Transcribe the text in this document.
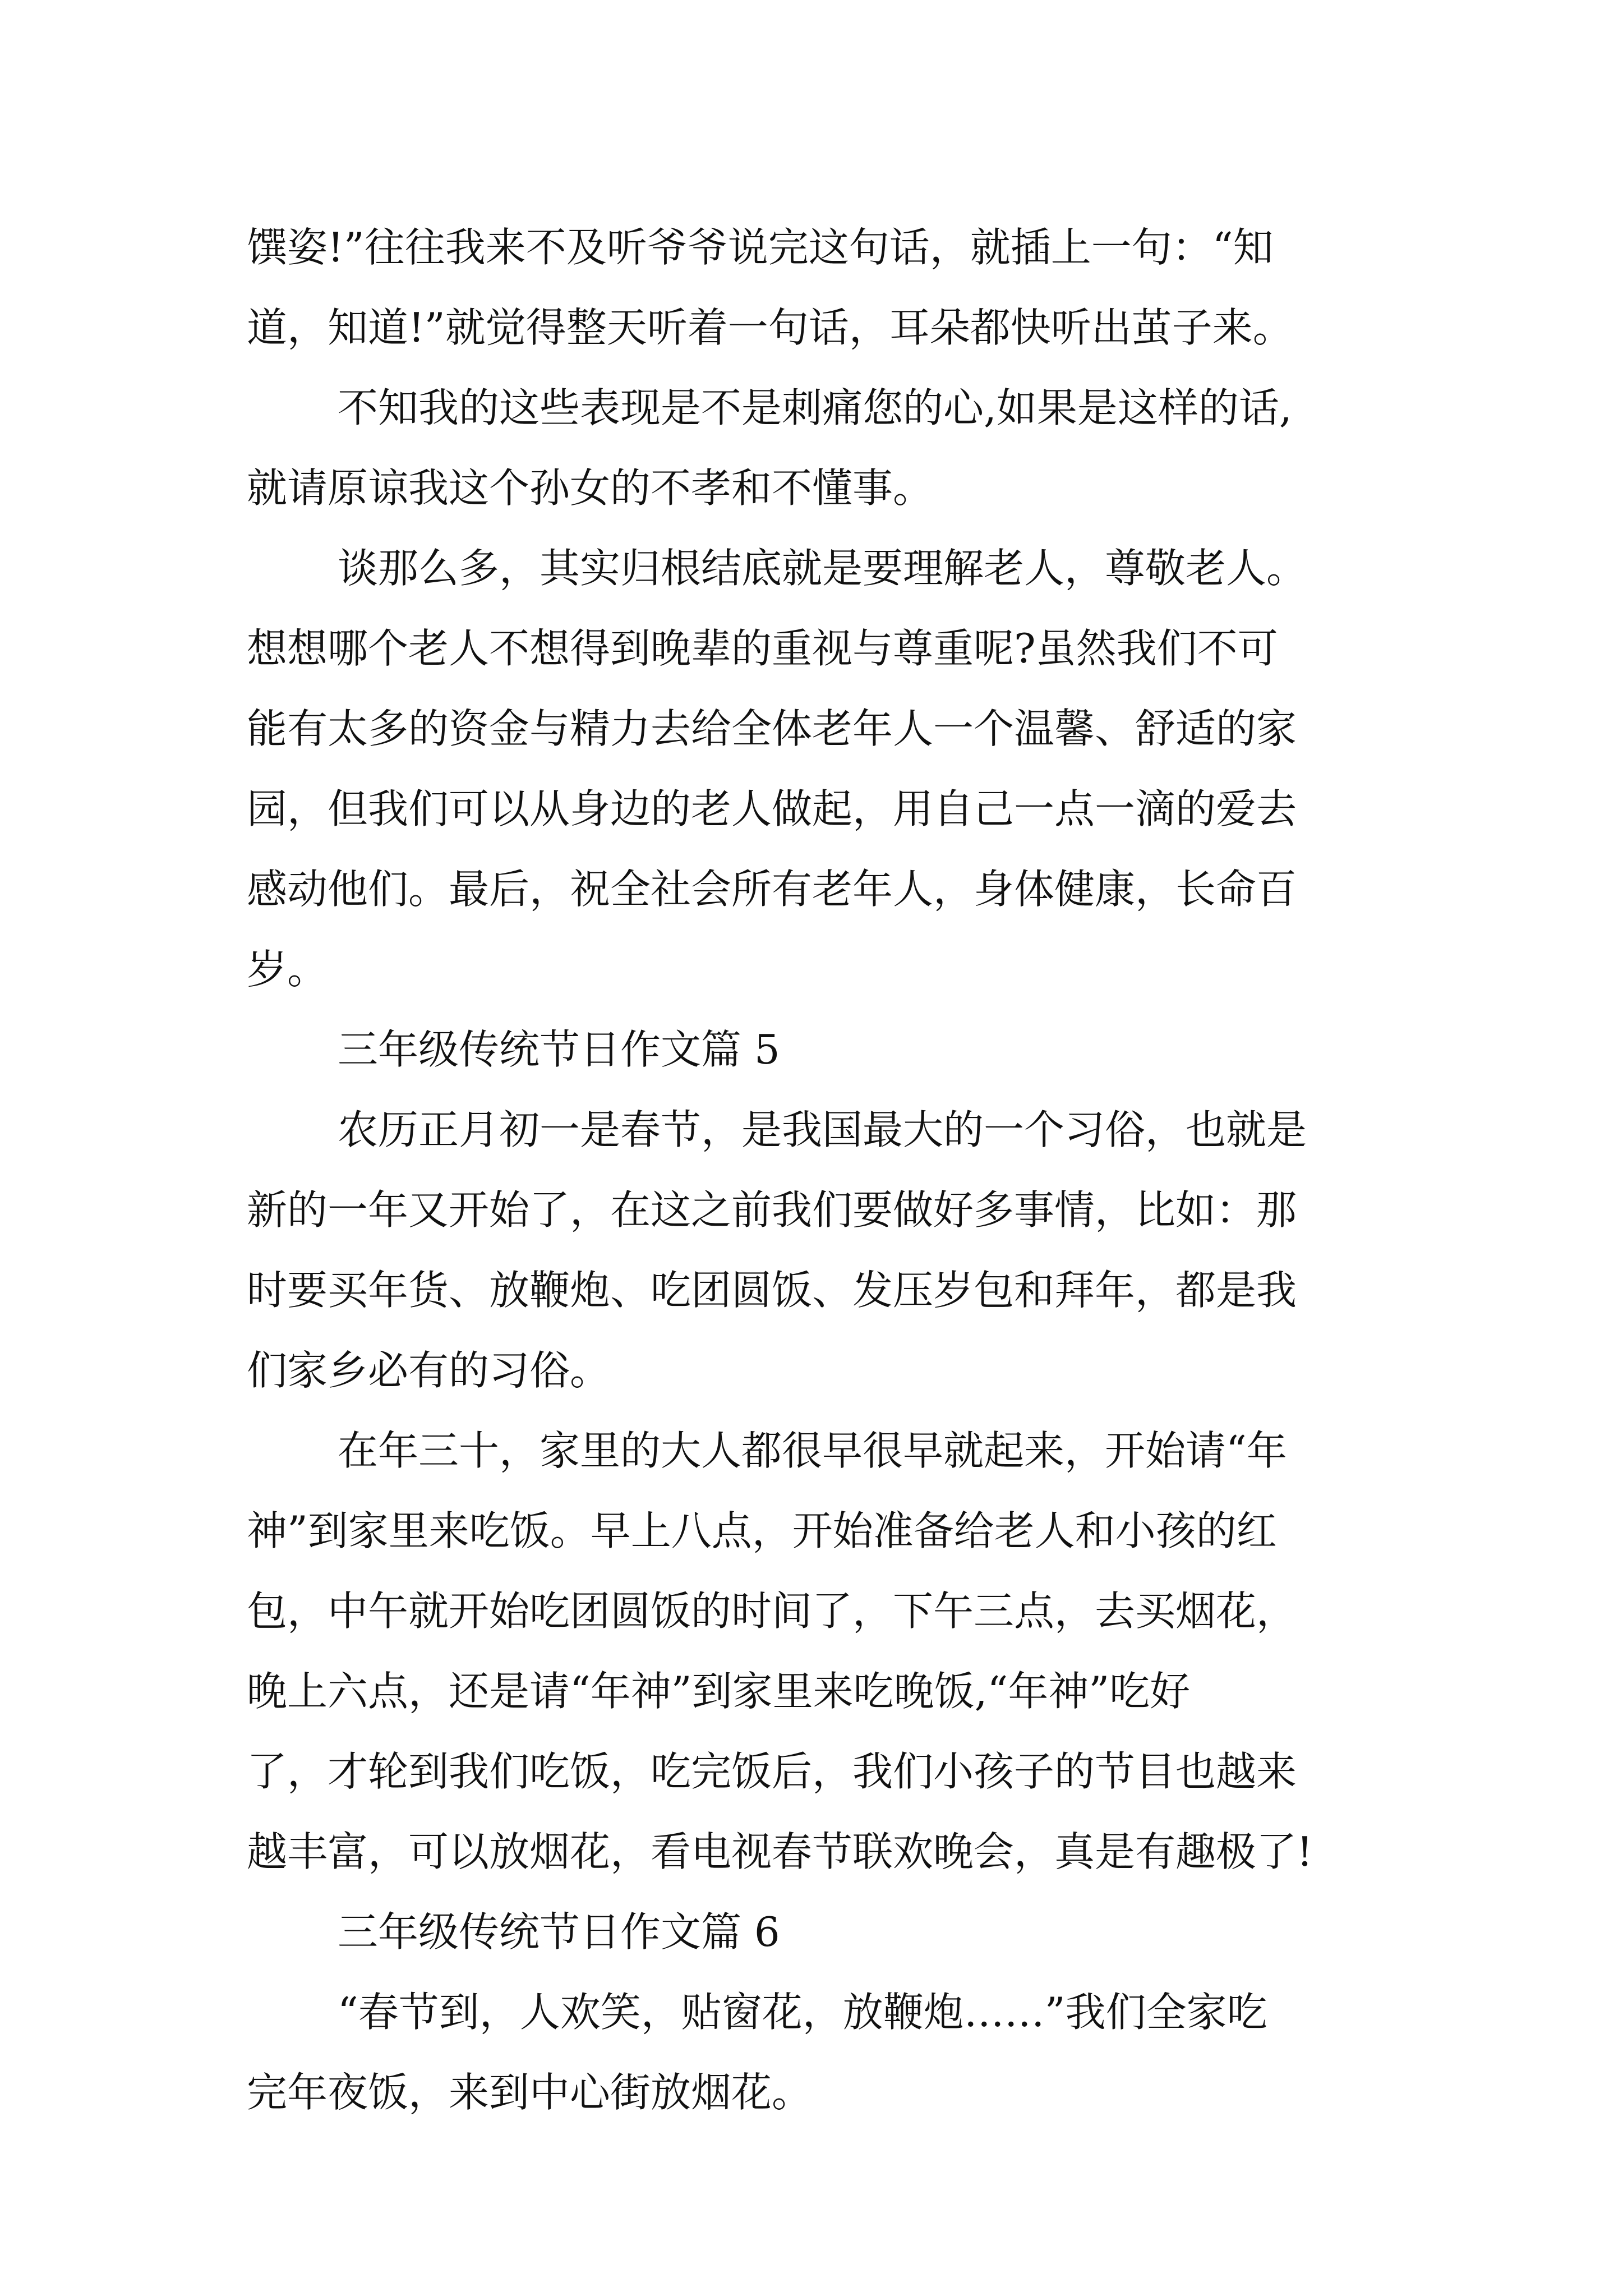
馔姿!”往往我来不及听爷爷说完这句话，就插上一句：“知
道，知道!”就觉得整天听着一句话，耳朵都快听出茧子来。
不知我的这些表现是不是刺痛您的心,如果是这样的话,
就请原谅我这个孙女的不孝和不懂事。
谈那么多，其实归根结底就是要理解老人，尊敬老人。
想想哪个老人不想得到晚辈的重视与尊重呢?虽然我们不可
能有太多的资金与精力去给全体老年人一个温馨、舒适的家
园，但我们可以从身边的老人做起，用自己一点一滴的爱去
感动他们。最后，祝全社会所有老年人，身体健康，长命百
岁。
三年级传统节日作文篇 5
农历正月初一是春节，是我国最大的一个习俗，也就是
新的一年又开始了，在这之前我们要做好多事情，比如：那
时要买年货、放鞭炮、吃团圆饭、发压岁包和拜年，都是我
们家乡必有的习俗。
在年三十，家里的大人都很早很早就起来，开始请“年
神”到家里来吃饭。早上八点，开始准备给老人和小孩的红
包，中午就开始吃团圆饭的时间了，下午三点，去买烟花，
晚上六点，还是请“年神”到家里来吃晚饭,“年神”吃好
了，才轮到我们吃饭，吃完饭后，我们小孩子的节目也越来
越丰富，可以放烟花，看电视春节联欢晚会，真是有趣极了!
三年级传统节日作文篇 6
“春节到，人欢笑，贴窗花，放鞭炮……”我们全家吃
完年夜饭，来到中心街放烟花。
